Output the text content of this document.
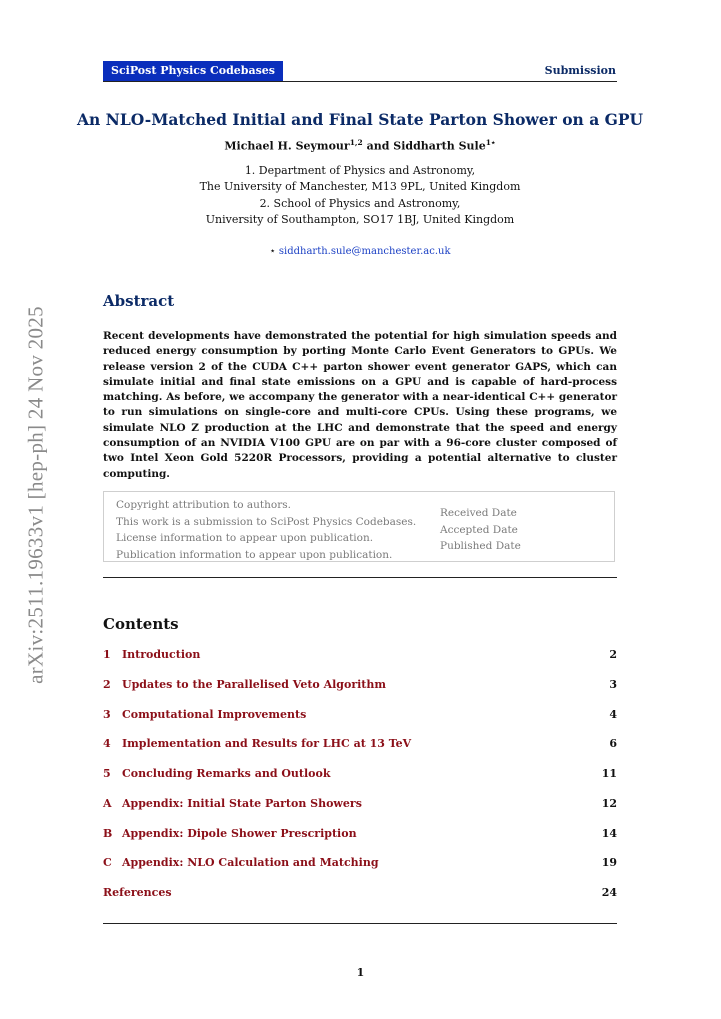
arXiv:2511.19633v1 [hep-ph] 24 Nov 2025
SciPost Physics Codebases	Submission
An NLO-Matched Initial and Final State Parton Shower on a GPU
Michael H. Seymour$^{1,2}$ and Siddharth Sule$^{1⋆}$
1. Department of Physics and Astronomy,
The University of Manchester, M13 9PL, United Kingdom
2. School of Physics and Astronomy,
University of Southampton, SO17 1BJ, United Kingdom
⋆ siddharth.sule@manchester.ac.uk
Abstract
Recent developments have demonstrated the potential for high simulation speeds and reduced energy consumption by porting Monte Carlo Event Generators to GPUs. We release version 2 of the CUDA C++ parton shower event generator GAPS, which can simulate initial and final state emissions on a GPU and is capable of hard-process matching. As before, we accompany the generator with a near-identical C++ generator to run simulations on single-core and multi-core CPUs. Using these programs, we simulate NLO Z production at the LHC and demonstrate that the speed and energy consumption of an NVIDIA V100 GPU are on par with a 96-core cluster composed of two Intel Xeon Gold 5220R Processors, providing a potential alternative to cluster computing.
Copyright attribution to authors.
This work is a submission to SciPost Physics Codebases.
License information to appear upon publication.
Publication information to appear upon publication.
Received Date
Accepted Date
Published Date
Contents
1 Introduction	2
2 Updates to the Parallelised Veto Algorithm	3
3 Computational Improvements	4
4 Implementation and Results for LHC at 13 TeV	6
5 Concluding Remarks and Outlook	11
A Appendix: Initial State Parton Showers	12
B Appendix: Dipole Shower Prescription	14
C Appendix: NLO Calculation and Matching	19
References	24
1
